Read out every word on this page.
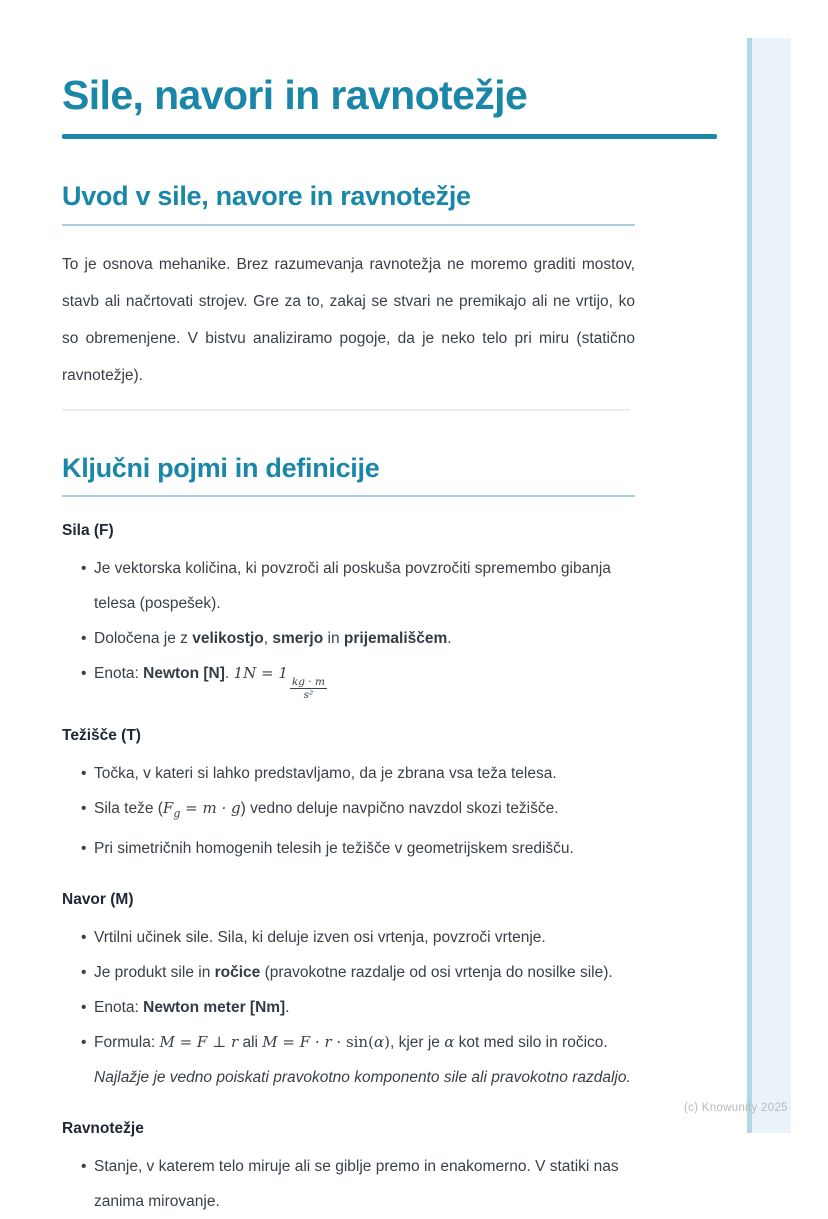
(c) Knowunity 2025
Sile, navori in ravnotežje
Uvod v sile, navore in ravnotežje

To je osnova mehanike. Brez razumevanja ravnotežja ne moremo graditi mostov, stavb ali načrtovati strojev. Gre za to, zakaj se stvari ne premikajo ali ne vrtijo, ko so obremenjene. V bistvu analiziramo pogoje, da je neko telo pri miru (statično ravnotežje).

Ključni pojmi in definicije
Sila (F)
• Je vektorska količina, ki povzroči ali poskuša povzročiti spremembo gibanja telesa (pospešek).
• Določena je z velikostjo, smerjo in prijemališčem.
• Enota: Newton [N]. 1N = 1
$\frac{kg \cdot m}{\text{s²}}$
Težišče (T)
• Točka, v kateri si lahko predstavljamo, da je zbrana vsa teža telesa.
• Sila teže $(F_g = m \cdot g)$ vedno deluje navpično navzdol skozi težišče.
• Pri simetričnih homogenih telesih je težišče v geometrijskem središču.
Navor (M)
• Vrtilni učinek sile. Sila, ki deluje izven osi vrtenja, povzroči vrtenje.
• Je produkt sile in ročice (pravokotne razdalje od osi vrtenja do nosilke sile).
• Enota: Newton meter [Nm].
• Formula: M = F ⊥ r ali M = F · r · sin(α), kjer je α kot med silo in ročico.
Najlažje je vedno poiskati pravokotno komponento sile ali pravokotno razdaljo.
Ravnotežje
• Stanje, v katerem telo miruje ali se giblje premo in enakomerno. V statiki nas zanima mirovanje.
